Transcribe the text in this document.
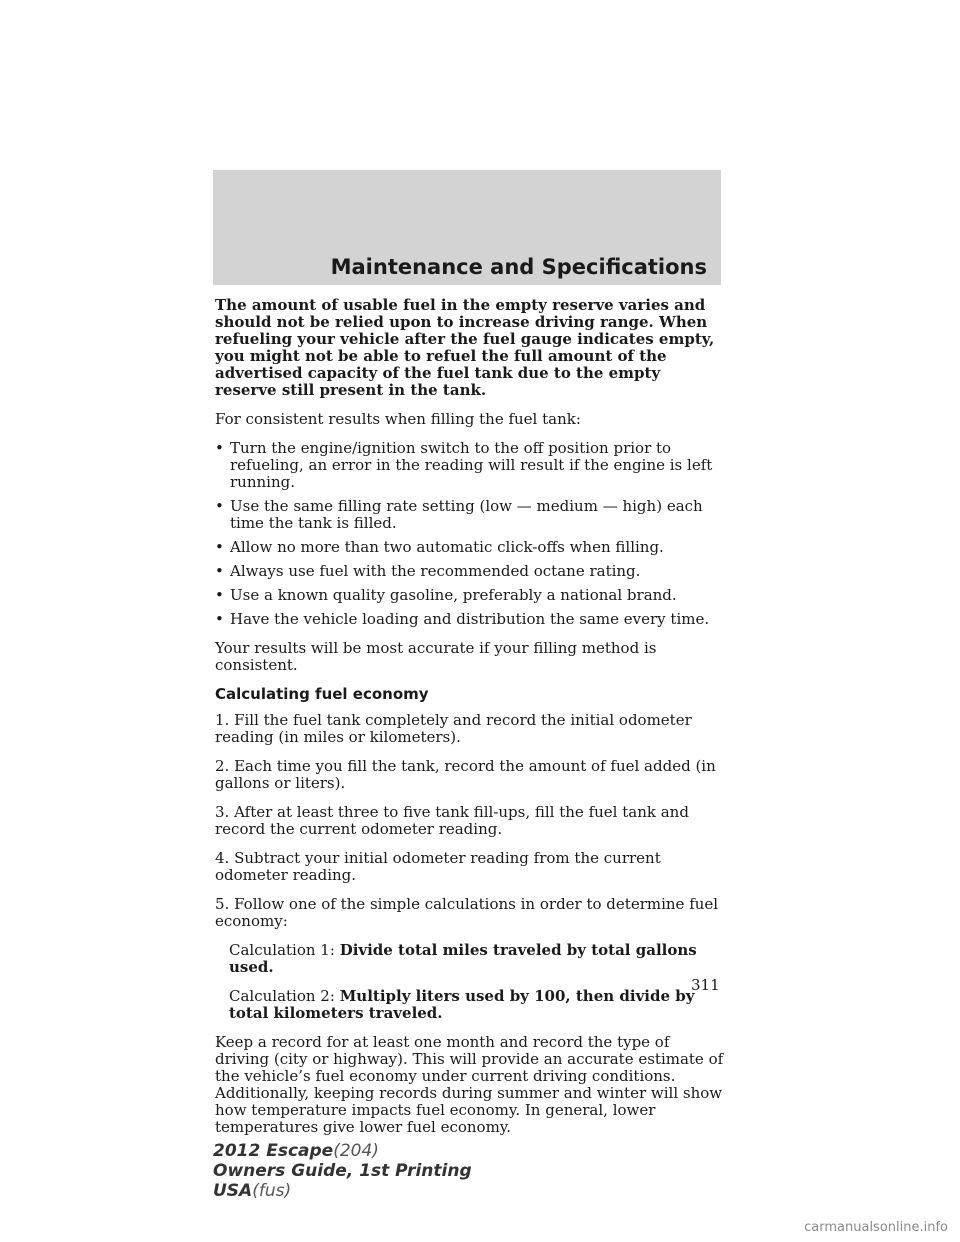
Maintenance and Specifications

The amount of usable fuel in the empty reserve varies and should not be relied upon to increase driving range. When refueling your vehicle after the fuel gauge indicates empty, you might not be able to refuel the full amount of the advertised capacity of the fuel tank due to the empty reserve still present in the tank.

For consistent results when filling the fuel tank:

• Turn the engine/ignition switch to the off position prior to refueling, an error in the reading will result if the engine is left running.
• Use the same filling rate setting (low — medium — high) each time the tank is filled.
• Allow no more than two automatic click-offs when filling.
• Always use fuel with the recommended octane rating.
• Use a known quality gasoline, preferably a national brand.
• Have the vehicle loading and distribution the same every time.

Your results will be most accurate if your filling method is consistent.

Calculating fuel economy

1. Fill the fuel tank completely and record the initial odometer reading (in miles or kilometers).

2. Each time you fill the tank, record the amount of fuel added (in gallons or liters).

3. After at least three to five tank fill-ups, fill the fuel tank and record the current odometer reading.

4. Subtract your initial odometer reading from the current odometer reading.

5. Follow one of the simple calculations in order to determine fuel economy:

Calculation 1: Divide total miles traveled by total gallons used.

Calculation 2: Multiply liters used by 100, then divide by total kilometers traveled.

Keep a record for at least one month and record the type of driving (city or highway). This will provide an accurate estimate of the vehicle’s fuel economy under current driving conditions. Additionally, keeping records during summer and winter will show how temperature impacts fuel economy. In general, lower temperatures give lower fuel economy.

311
2012 Escape(204)
Owners Guide, 1st Printing
USA(fus)
carmanualsonline.info
